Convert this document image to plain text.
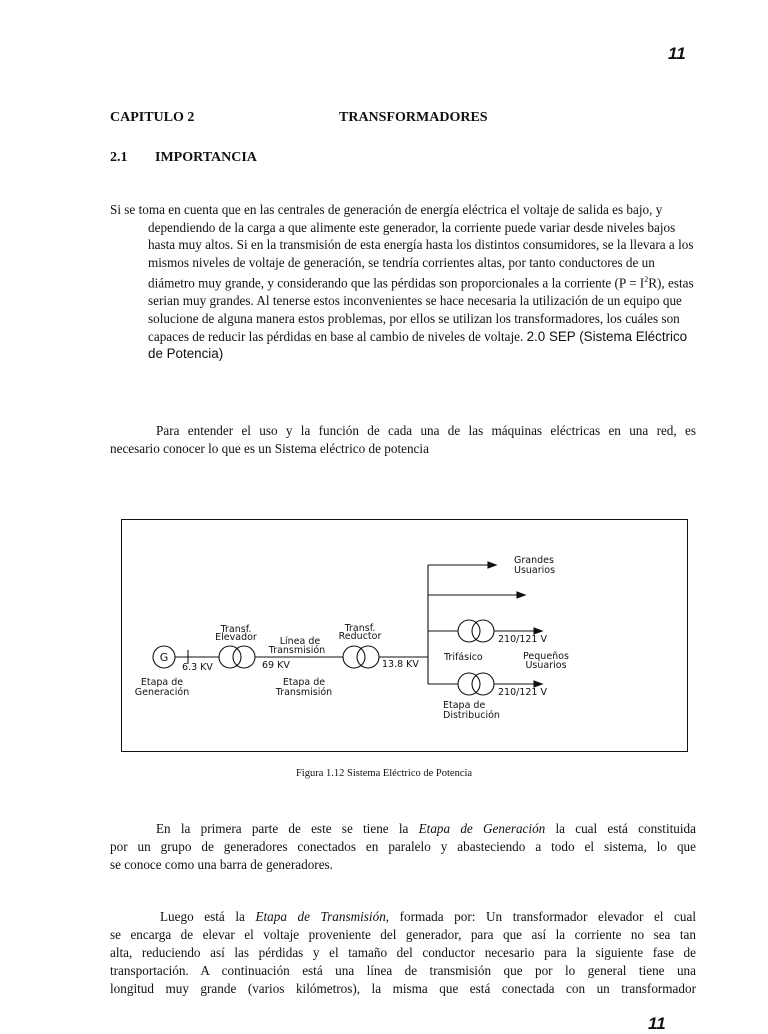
11
CAPITULO 2	TRANSFORMADORES
2.1 IMPORTANCIA
Si se toma en cuenta que en las centrales de generación de energía eléctrica el voltaje de salida es bajo, y dependiendo de la carga a que alimente este generador, la corriente puede variar desde niveles bajos hasta muy altos. Si en la transmisión de esta energía hasta los distintos consumidores, se la llevara a los mismos niveles de voltaje de generación, se tendría corrientes altas, por tanto conductores de un diámetro muy grande, y considerando que las pérdidas son proporcionales a la corriente $(P = I^2R)$, estas serian muy grandes. Al tenerse estos inconvenientes se hace necesaria la utilización de un equipo que solucione de alguna manera estos problemas, por ellos se utilizan los transformadores, los cuáles son capaces de reducir las pérdidas en base al cambio de niveles de voltaje. 2.0 SEP (Sistema Eléctrico de Potencia)
Para entender el uso y la función de cada una de las máquinas eléctricas en una red, es
necesario conocer lo que es un Sistema eléctrico de potencia
G
6.3 KV
Etapa de
Generación
Transf.
Elevador Línea de
Transmisión
69 KV
Etapa de
Transmisión
Transf.
Reductor
13.8 KV
Grandes
Usuarios
210/121 V
Trifásico	Pequeños
Usuarios
210/121 V
Etapa de
Distribución
Figura 1.12 Sistema Eléctrico de Potencia
En la primera parte de este se tiene la Etapa de Generación la cual está constituida
por un grupo de generadores conectados en paralelo y abasteciendo a todo el sistema, lo que
se conoce como una barra de generadores.
Luego está la Etapa de Transmisión, formada por: Un transformador elevador el cual
se encarga de elevar el voltaje proveniente del generador, para que así la corriente no sea tan
alta, reduciendo así las pérdidas y el tamaño del conductor necesario para la siguiente fase de
transportación. A continuación está una línea de transmisión que por lo general tiene una
longitud muy grande (varios kilómetros), la misma que está conectada con un transformador
11
